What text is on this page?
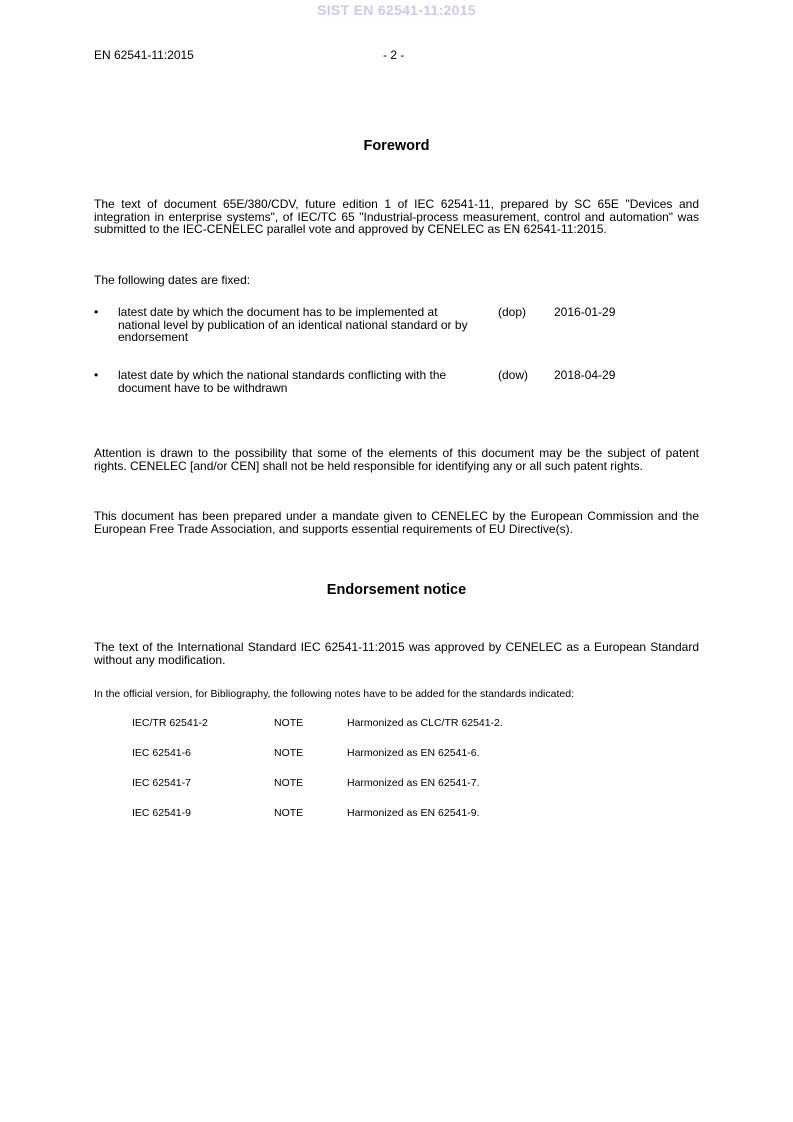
SIST EN 62541-11:2015
EN 62541-11:2015	- 2 -
Foreword

The text of document 65E/380/CDV, future edition 1 of IEC 62541-11, prepared by SC 65E "Devices and integration in enterprise systems", of IEC/TC 65 "Industrial-process measurement, control and automation" was submitted to the IEC-CENELEC parallel vote and approved by CENELEC as EN 62541-11:2015.

The following dates are fixed:

•	latest date by which the document has to be implemented at national level by publication of an identical national standard or by endorsement
(dop) 2016-01-29
•	latest date by which the national standards conflicting with the document have to be withdrawn
(dow) 2018-04-29

Attention is drawn to the possibility that some of the elements of this document may be the subject of patent rights. CENELEC [and/or CEN] shall not be held responsible for identifying any or all such patent rights.

This document has been prepared under a mandate given to CENELEC by the European Commission and the European Free Trade Association, and supports essential requirements of EU Directive(s).

Endorsement notice

The text of the International Standard IEC 62541-11:2015 was approved by CENELEC as a European Standard without any modification.

In the official version, for Bibliography, the following notes have to be added for the standards indicated:
IEC/TR 62541-2	NOTE	Harmonized as CLC/TR 62541-2.
IEC 62541-6	NOTE	Harmonized as EN 62541-6.
IEC 62541-7	NOTE	Harmonized as EN 62541-7.
IEC 62541-9	NOTE	Harmonized as EN 62541-9.
